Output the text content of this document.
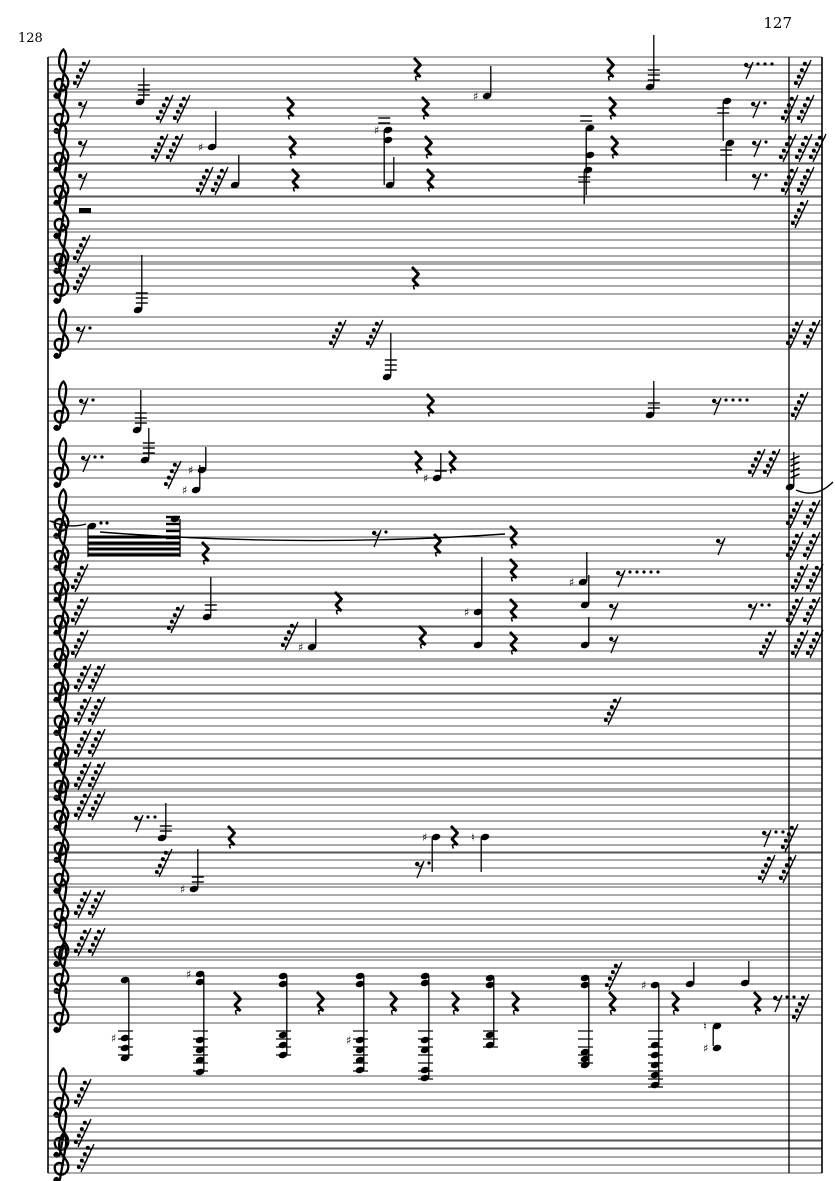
128
127
♯
♯
♯
♯
♯
♯
♯
♯
♯
♯	♮
♯
♮
♯
♯
♯
♯
♯
